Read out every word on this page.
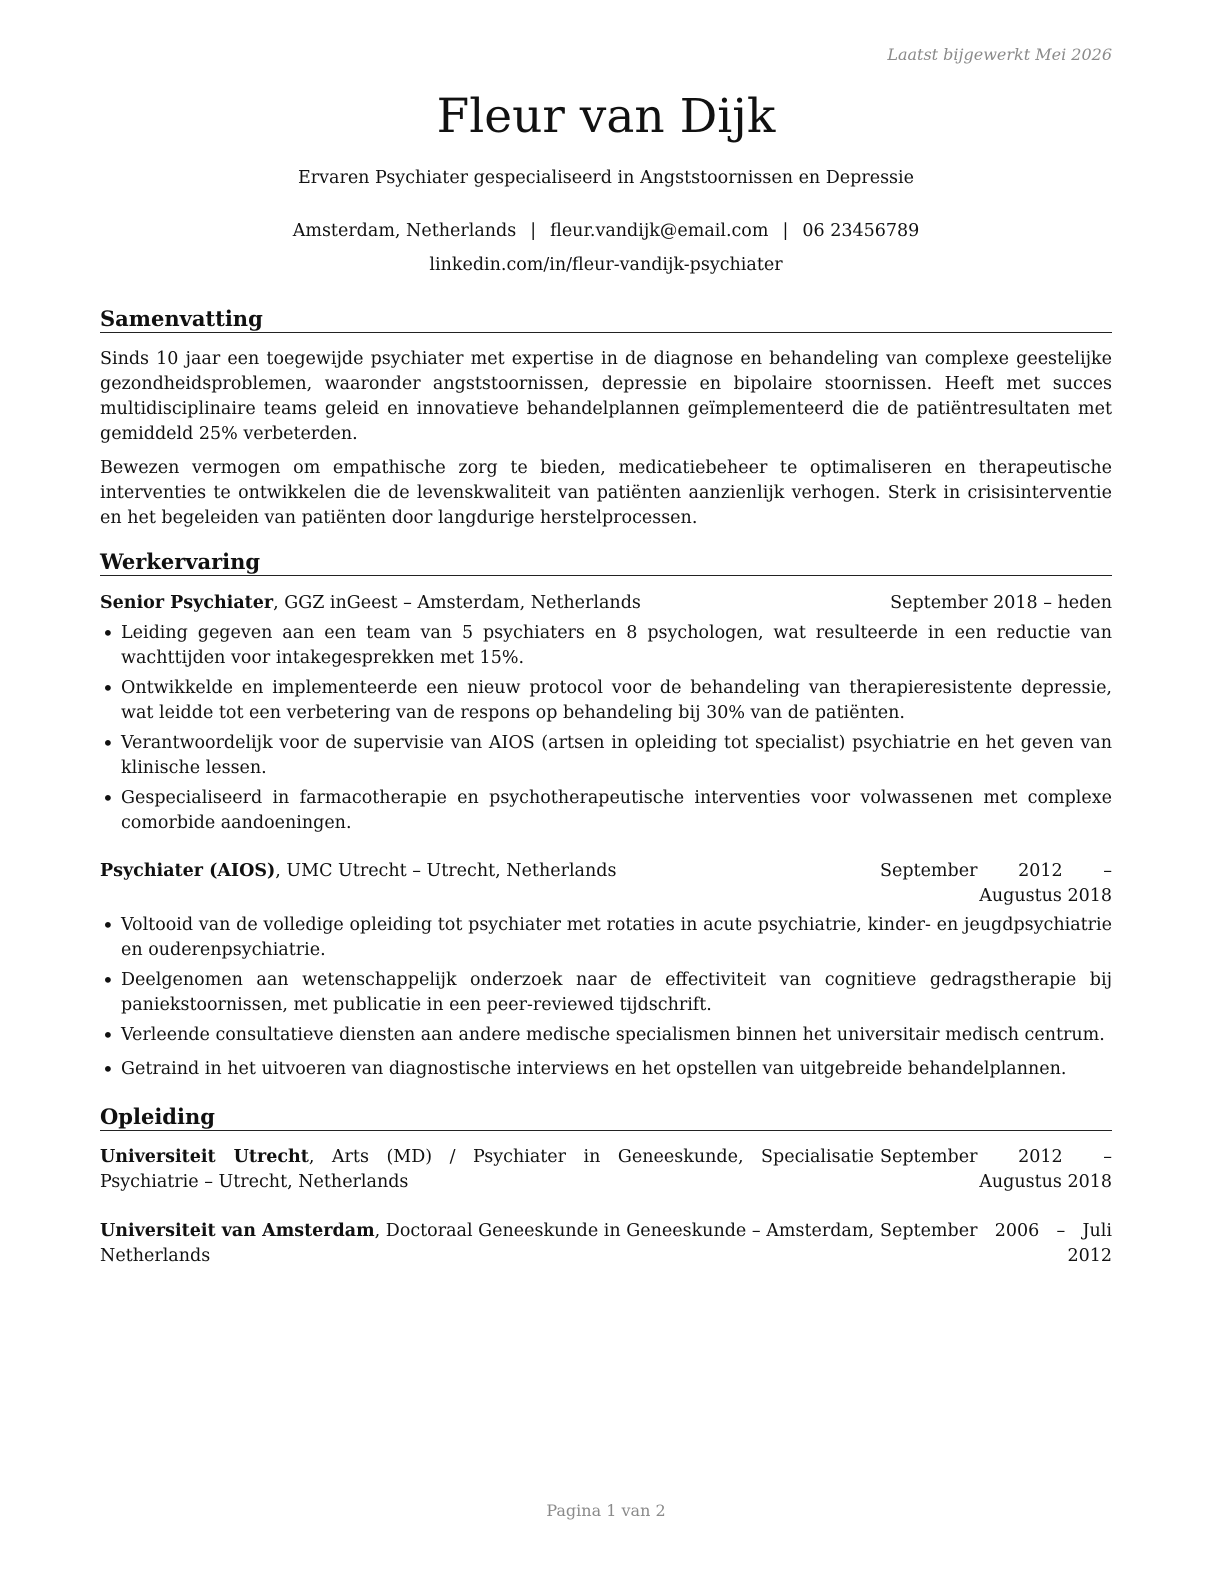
Laatst bijgewerkt Mei 2026
Fleur van Dijk
Ervaren Psychiater gespecialiseerd in Angststoornissen en Depressie
Amsterdam, Netherlands | fleur.vandijk@email.com | 06 23456789
linkedin.com/in/fleur-vandijk-psychiater
Samenvatting

Sinds 10 jaar een toegewijde psychiater met expertise in de diagnose en behandeling van complexe geestelijke gezondheidsproblemen, waaronder angststoornissen, depressie en bipolaire stoornissen. Heeft met succes multidisciplinaire teams geleid en innovatieve behandelplannen geïmplementeerd die de patiëntresultaten met gemiddeld 25% verbeterden.

Bewezen vermogen om empathische zorg te bieden, medicatiebeheer te optimaliseren en therapeutische interventies te ontwikkelen die de levenskwaliteit van patiënten aanzienlijk verhogen. Sterk in crisisinterventie en het begeleiden van patiënten door langdurige herstelprocessen.

Werkervaring
Senior Psychiater, GGZ inGeest – Amsterdam, Netherlands	September 2018 – heden
• Leiding gegeven aan een team van 5 psychiaters en 8 psychologen, wat resulteerde in een reductie van wachttijden voor intakegesprekken met 15%.
• Ontwikkelde en implementeerde een nieuw protocol voor de behandeling van therapieresistente depressie, wat leidde tot een verbetering van de respons op behandeling bij 30% van de patiënten.
• Verantwoordelijk voor de supervisie van AIOS (artsen in opleiding tot specialist) psychiatrie en het geven van klinische lessen.
• Gespecialiseerd in farmacotherapie en psychotherapeutische interventies voor volwassenen met complexe comorbide aandoeningen.
Psychiater (AIOS), UMC Utrecht – Utrecht, Netherlands	September 2012 – Augustus 2018
• Voltooid van de volledige opleiding tot psychiater met rotaties in acute psychiatrie, kinder- en jeugdpsychiatrie en ouderenpsychiatrie.
• Deelgenomen aan wetenschappelijk onderzoek naar de effectiviteit van cognitieve gedragstherapie bij paniekstoornissen, met publicatie in een peer-reviewed tijdschrift.
• Verleende consultatieve diensten aan andere medische specialismen binnen het universitair medisch centrum.
• Getraind in het uitvoeren van diagnostische interviews en het opstellen van uitgebreide behandelplannen.
Opleiding
Universiteit Utrecht, Arts (MD) / Psychiater in Geneeskunde, Specialisatie Psychiatrie – Utrecht, Netherlands
September 2012 – Augustus 2018
Universiteit van Amsterdam, Doctoraal Geneeskunde in Geneeskunde – Amsterdam, Netherlands
September 2006 – Juli 2012
Pagina 1 van 2
